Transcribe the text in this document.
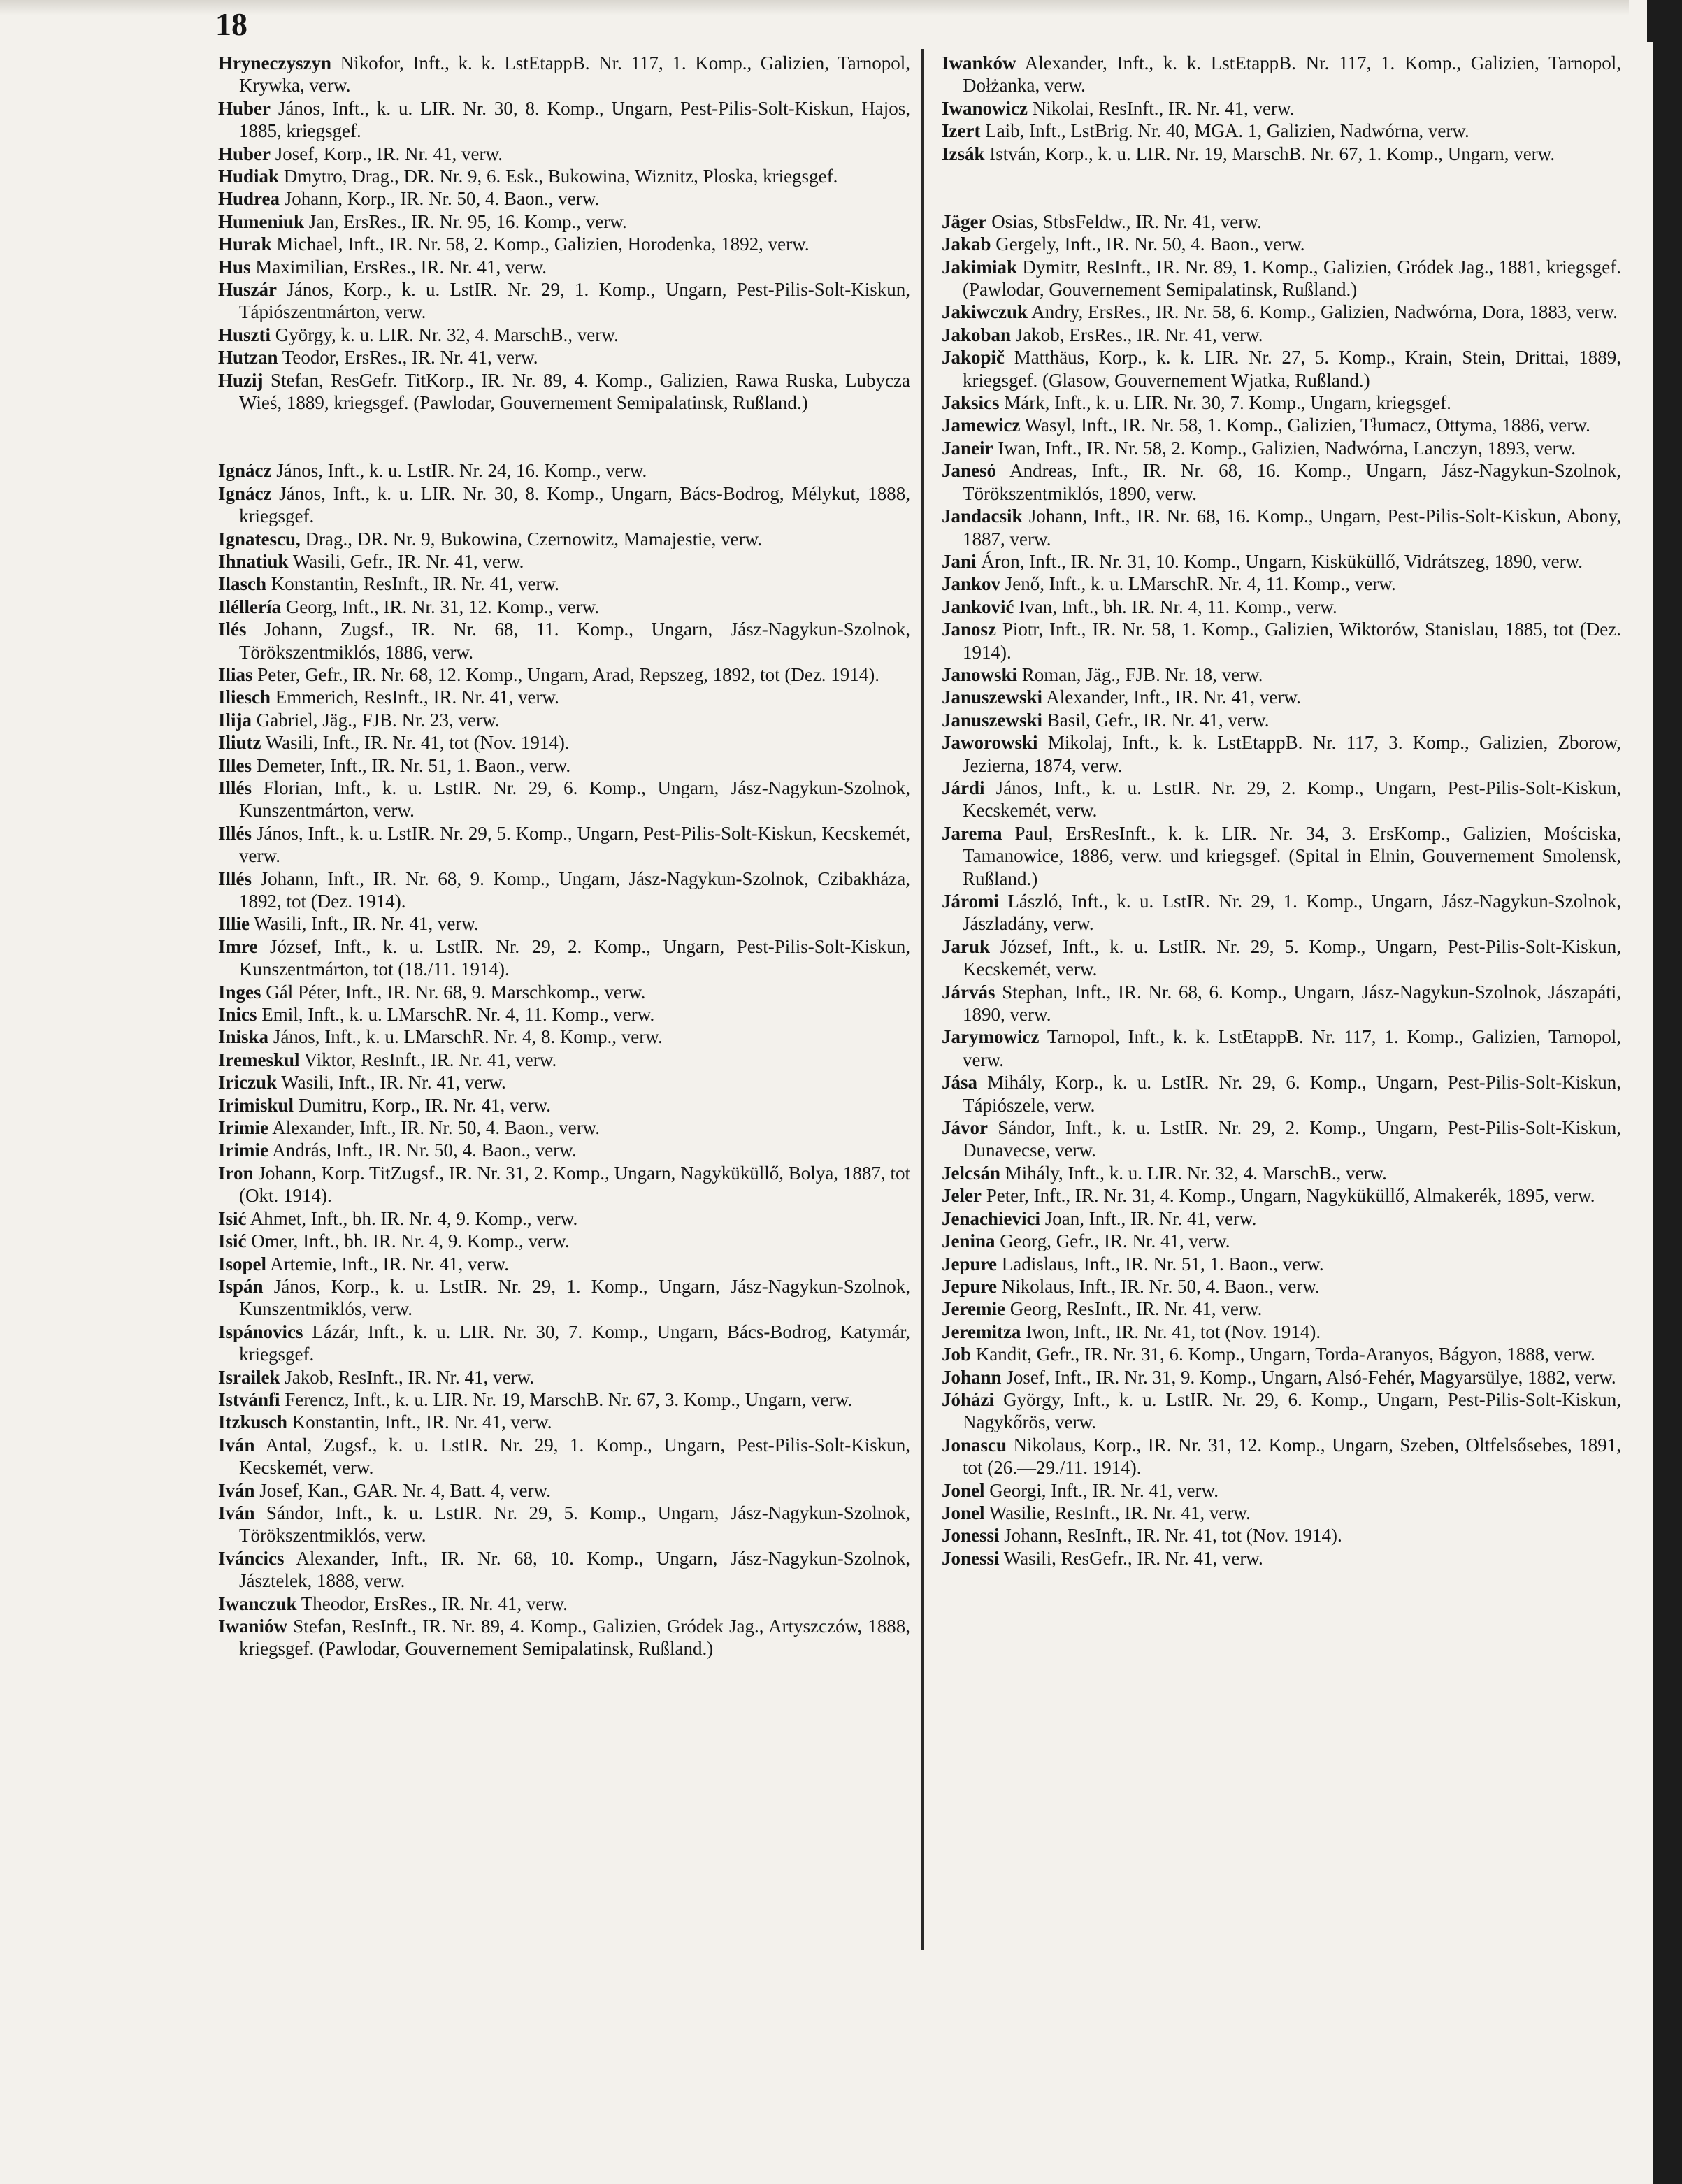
18

Hryneczyszyn Nikofor, Inft., k. k. LstEtappB. Nr. 117, 1. Komp., Galizien, Tarnopol, Krywka, verw.

Huber János, Inft., k. u. LIR. Nr. 30, 8. Komp., Ungarn, Pest-Pilis-Solt-Kiskun, Hajos, 1885, kriegsgef.

Huber Josef, Korp., IR. Nr. 41, verw.

Hudiak Dmytro, Drag., DR. Nr. 9, 6. Esk., Bukowina, Wiznitz, Ploska, kriegsgef.

Hudrea Johann, Korp., IR. Nr. 50, 4. Baon., verw.

Humeniuk Jan, ErsRes., IR. Nr. 95, 16. Komp., verw.

Hurak Michael, Inft., IR. Nr. 58, 2. Komp., Galizien, Horodenka, 1892, verw.

Hus Maximilian, ErsRes., IR. Nr. 41, verw.

Huszár János, Korp., k. u. LstIR. Nr. 29, 1. Komp., Ungarn, Pest-Pilis-Solt-Kiskun, Tápiószentmárton, verw.

Huszti György, k. u. LIR. Nr. 32, 4. MarschB., verw.

Hutzan Teodor, ErsRes., IR. Nr. 41, verw.

Huzij Stefan, ResGefr. TitKorp., IR. Nr. 89, 4. Komp., Galizien, Rawa Ruska, Lubycza Wieś, 1889, kriegsgef. (Pawlodar, Gouvernement Semipalatinsk, Rußland.)

Ignácz János, Inft., k. u. LstIR. Nr. 24, 16. Komp., verw.

Ignácz János, Inft., k. u. LIR. Nr. 30, 8. Komp., Ungarn, Bács-Bodrog, Mélykut, 1888, kriegsgef.

Ignatescu, Drag., DR. Nr. 9, Bukowina, Czernowitz, Mamajestie, verw.

Ihnatiuk Wasili, Gefr., IR. Nr. 41, verw.

Ilasch Konstantin, ResInft., IR. Nr. 41, verw.

Iléllería Georg, Inft., IR. Nr. 31, 12. Komp., verw.

Ilés Johann, Zugsf., IR. Nr. 68, 11. Komp., Ungarn, Jász-Nagykun-Szolnok, Törökszentmiklós, 1886, verw.

Ilias Peter, Gefr., IR. Nr. 68, 12. Komp., Ungarn, Arad, Repszeg, 1892, tot (Dez. 1914).

Iliesch Emmerich, ResInft., IR. Nr. 41, verw.

Ilija Gabriel, Jäg., FJB. Nr. 23, verw.

Iliutz Wasili, Inft., IR. Nr. 41, tot (Nov. 1914).

Illes Demeter, Inft., IR. Nr. 51, 1. Baon., verw.

Illés Florian, Inft., k. u. LstIR. Nr. 29, 6. Komp., Ungarn, Jász-Nagykun-Szolnok, Kunszentmárton, verw.

Illés János, Inft., k. u. LstIR. Nr. 29, 5. Komp., Ungarn, Pest-Pilis-Solt-Kiskun, Kecskemét, verw.

Illés Johann, Inft., IR. Nr. 68, 9. Komp., Ungarn, Jász-Nagykun-Szolnok, Czibakháza, 1892, tot (Dez. 1914).

Illie Wasili, Inft., IR. Nr. 41, verw.

Imre József, Inft., k. u. LstIR. Nr. 29, 2. Komp., Ungarn, Pest-Pilis-Solt-Kiskun, Kunszentmárton, tot (18./11. 1914).

Inges Gál Péter, Inft., IR. Nr. 68, 9. Marschkomp., verw.

Inics Emil, Inft., k. u. LMarschR. Nr. 4, 11. Komp., verw.

Iniska János, Inft., k. u. LMarschR. Nr. 4, 8. Komp., verw.

Iremeskul Viktor, ResInft., IR. Nr. 41, verw.

Iriczuk Wasili, Inft., IR. Nr. 41, verw.

Irimiskul Dumitru, Korp., IR. Nr. 41, verw.

Irimie Alexander, Inft., IR. Nr. 50, 4. Baon., verw.

Irimie András, Inft., IR. Nr. 50, 4. Baon., verw.

Iron Johann, Korp. TitZugsf., IR. Nr. 31, 2. Komp., Ungarn, Nagyküküllő, Bolya, 1887, tot (Okt. 1914).

Isić Ahmet, Inft., bh. IR. Nr. 4, 9. Komp., verw.

Isić Omer, Inft., bh. IR. Nr. 4, 9. Komp., verw.

Isopel Artemie, Inft., IR. Nr. 41, verw.

Ispán János, Korp., k. u. LstIR. Nr. 29, 1. Komp., Ungarn, Jász-Nagykun-Szolnok, Kunszentmiklós, verw.

Ispánovics Lázár, Inft., k. u. LIR. Nr. 30, 7. Komp., Ungarn, Bács-Bodrog, Katymár, kriegsgef.

Israilek Jakob, ResInft., IR. Nr. 41, verw.

Istvánfi Ferencz, Inft., k. u. LIR. Nr. 19, MarschB. Nr. 67, 3. Komp., Ungarn, verw.

Itzkusch Konstantin, Inft., IR. Nr. 41, verw.

Iván Antal, Zugsf., k. u. LstIR. Nr. 29, 1. Komp., Ungarn, Pest-Pilis-Solt-Kiskun, Kecskemét, verw.

Iván Josef, Kan., GAR. Nr. 4, Batt. 4, verw.

Iván Sándor, Inft., k. u. LstIR. Nr. 29, 5. Komp., Ungarn, Jász-Nagykun-Szolnok, Törökszentmiklós, verw.

Iváncics Alexander, Inft., IR. Nr. 68, 10. Komp., Ungarn, Jász-Nagykun-Szolnok, Jásztelek, 1888, verw.

Iwanczuk Theodor, ErsRes., IR. Nr. 41, verw.

Iwaniów Stefan, ResInft., IR. Nr. 89, 4. Komp., Galizien, Gródek Jag., Artyszczów, 1888, kriegsgef. (Pawlodar, Gouvernement Semipalatinsk, Rußland.)

Iwanków Alexander, Inft., k. k. LstEtappB. Nr. 117, 1. Komp., Galizien, Tarnopol, Dołżanka, verw.

Iwanowicz Nikolai, ResInft., IR. Nr. 41, verw.

Izert Laib, Inft., LstBrig. Nr. 40, MGA. 1, Galizien, Nadwórna, verw.

Izsák István, Korp., k. u. LIR. Nr. 19, MarschB. Nr. 67, 1. Komp., Ungarn, verw.

Jäger Osias, StbsFeldw., IR. Nr. 41, verw.

Jakab Gergely, Inft., IR. Nr. 50, 4. Baon., verw.

Jakimiak Dymitr, ResInft., IR. Nr. 89, 1. Komp., Galizien, Gródek Jag., 1881, kriegsgef. (Pawlodar, Gouvernement Semipalatinsk, Rußland.)

Jakiwczuk Andry, ErsRes., IR. Nr. 58, 6. Komp., Galizien, Nadwórna, Dora, 1883, verw.

Jakoban Jakob, ErsRes., IR. Nr. 41, verw.

Jakopič Matthäus, Korp., k. k. LIR. Nr. 27, 5. Komp., Krain, Stein, Drittai, 1889, kriegsgef. (Glasow, Gouvernement Wjatka, Rußland.)

Jaksics Márk, Inft., k. u. LIR. Nr. 30, 7. Komp., Ungarn, kriegsgef.

Jamewicz Wasyl, Inft., IR. Nr. 58, 1. Komp., Galizien, Tłumacz, Ottyma, 1886, verw.

Janeir Iwan, Inft., IR. Nr. 58, 2. Komp., Galizien, Nadwórna, Lanczyn, 1893, verw.

Janesó Andreas, Inft., IR. Nr. 68, 16. Komp., Ungarn, Jász-Nagykun-Szolnok, Törökszentmiklós, 1890, verw.

Jandacsik Johann, Inft., IR. Nr. 68, 16. Komp., Ungarn, Pest-Pilis-Solt-Kiskun, Abony, 1887, verw.

Jani Áron, Inft., IR. Nr. 31, 10. Komp., Ungarn, Kisküküllő, Vidrátszeg, 1890, verw.

Jankov Jenő, Inft., k. u. LMarschR. Nr. 4, 11. Komp., verw.

Janković Ivan, Inft., bh. IR. Nr. 4, 11. Komp., verw.

Janosz Piotr, Inft., IR. Nr. 58, 1. Komp., Galizien, Wiktorów, Stanislau, 1885, tot (Dez. 1914).

Janowski Roman, Jäg., FJB. Nr. 18, verw.

Januszewski Alexander, Inft., IR. Nr. 41, verw.

Januszewski Basil, Gefr., IR. Nr. 41, verw.

Jaworowski Mikolaj, Inft., k. k. LstEtappB. Nr. 117, 3. Komp., Galizien, Zborow, Jezierna, 1874, verw.

Járdi János, Inft., k. u. LstIR. Nr. 29, 2. Komp., Ungarn, Pest-Pilis-Solt-Kiskun, Kecskemét, verw.

Jarema Paul, ErsResInft., k. k. LIR. Nr. 34, 3. ErsKomp., Galizien, Mościska, Tamanowice, 1886, verw. und kriegsgef. (Spital in Elnin, Gouvernement Smolensk, Rußland.)

Járomi László, Inft., k. u. LstIR. Nr. 29, 1. Komp., Ungarn, Jász-Nagykun-Szolnok, Jászladány, verw.

Jaruk József, Inft., k. u. LstIR. Nr. 29, 5. Komp., Ungarn, Pest-Pilis-Solt-Kiskun, Kecskemét, verw.

Járvás Stephan, Inft., IR. Nr. 68, 6. Komp., Ungarn, Jász-Nagykun-Szolnok, Jászapáti, 1890, verw.

Jarymowicz Tarnopol, Inft., k. k. LstEtappB. Nr. 117, 1. Komp., Galizien, Tarnopol, verw.

Jása Mihály, Korp., k. u. LstIR. Nr. 29, 6. Komp., Ungarn, Pest-Pilis-Solt-Kiskun, Tápiószele, verw.

Jávor Sándor, Inft., k. u. LstIR. Nr. 29, 2. Komp., Ungarn, Pest-Pilis-Solt-Kiskun, Dunavecse, verw.

Jelcsán Mihály, Inft., k. u. LIR. Nr. 32, 4. MarschB., verw.

Jeler Peter, Inft., IR. Nr. 31, 4. Komp., Ungarn, Nagyküküllő, Almakerék, 1895, verw.

Jenachievici Joan, Inft., IR. Nr. 41, verw.

Jenina Georg, Gefr., IR. Nr. 41, verw.

Jepure Ladislaus, Inft., IR. Nr. 51, 1. Baon., verw.

Jepure Nikolaus, Inft., IR. Nr. 50, 4. Baon., verw.

Jeremie Georg, ResInft., IR. Nr. 41, verw.

Jeremitza Iwon, Inft., IR. Nr. 41, tot (Nov. 1914).

Job Kandit, Gefr., IR. Nr. 31, 6. Komp., Ungarn, Torda-Aranyos, Bágyon, 1888, verw.

Johann Josef, Inft., IR. Nr. 31, 9. Komp., Ungarn, Alsó-Fehér, Magyarsülye, 1882, verw.

Jóházi György, Inft., k. u. LstIR. Nr. 29, 6. Komp., Ungarn, Pest-Pilis-Solt-Kiskun, Nagykőrös, verw.

Jonascu Nikolaus, Korp., IR. Nr. 31, 12. Komp., Ungarn, Szeben, Oltfelsősebes, 1891, tot (26.—29./11. 1914).

Jonel Georgi, Inft., IR. Nr. 41, verw.

Jonel Wasilie, ResInft., IR. Nr. 41, verw.

Jonessi Johann, ResInft., IR. Nr. 41, tot (Nov. 1914).

Jonessi Wasili, ResGefr., IR. Nr. 41, verw.
